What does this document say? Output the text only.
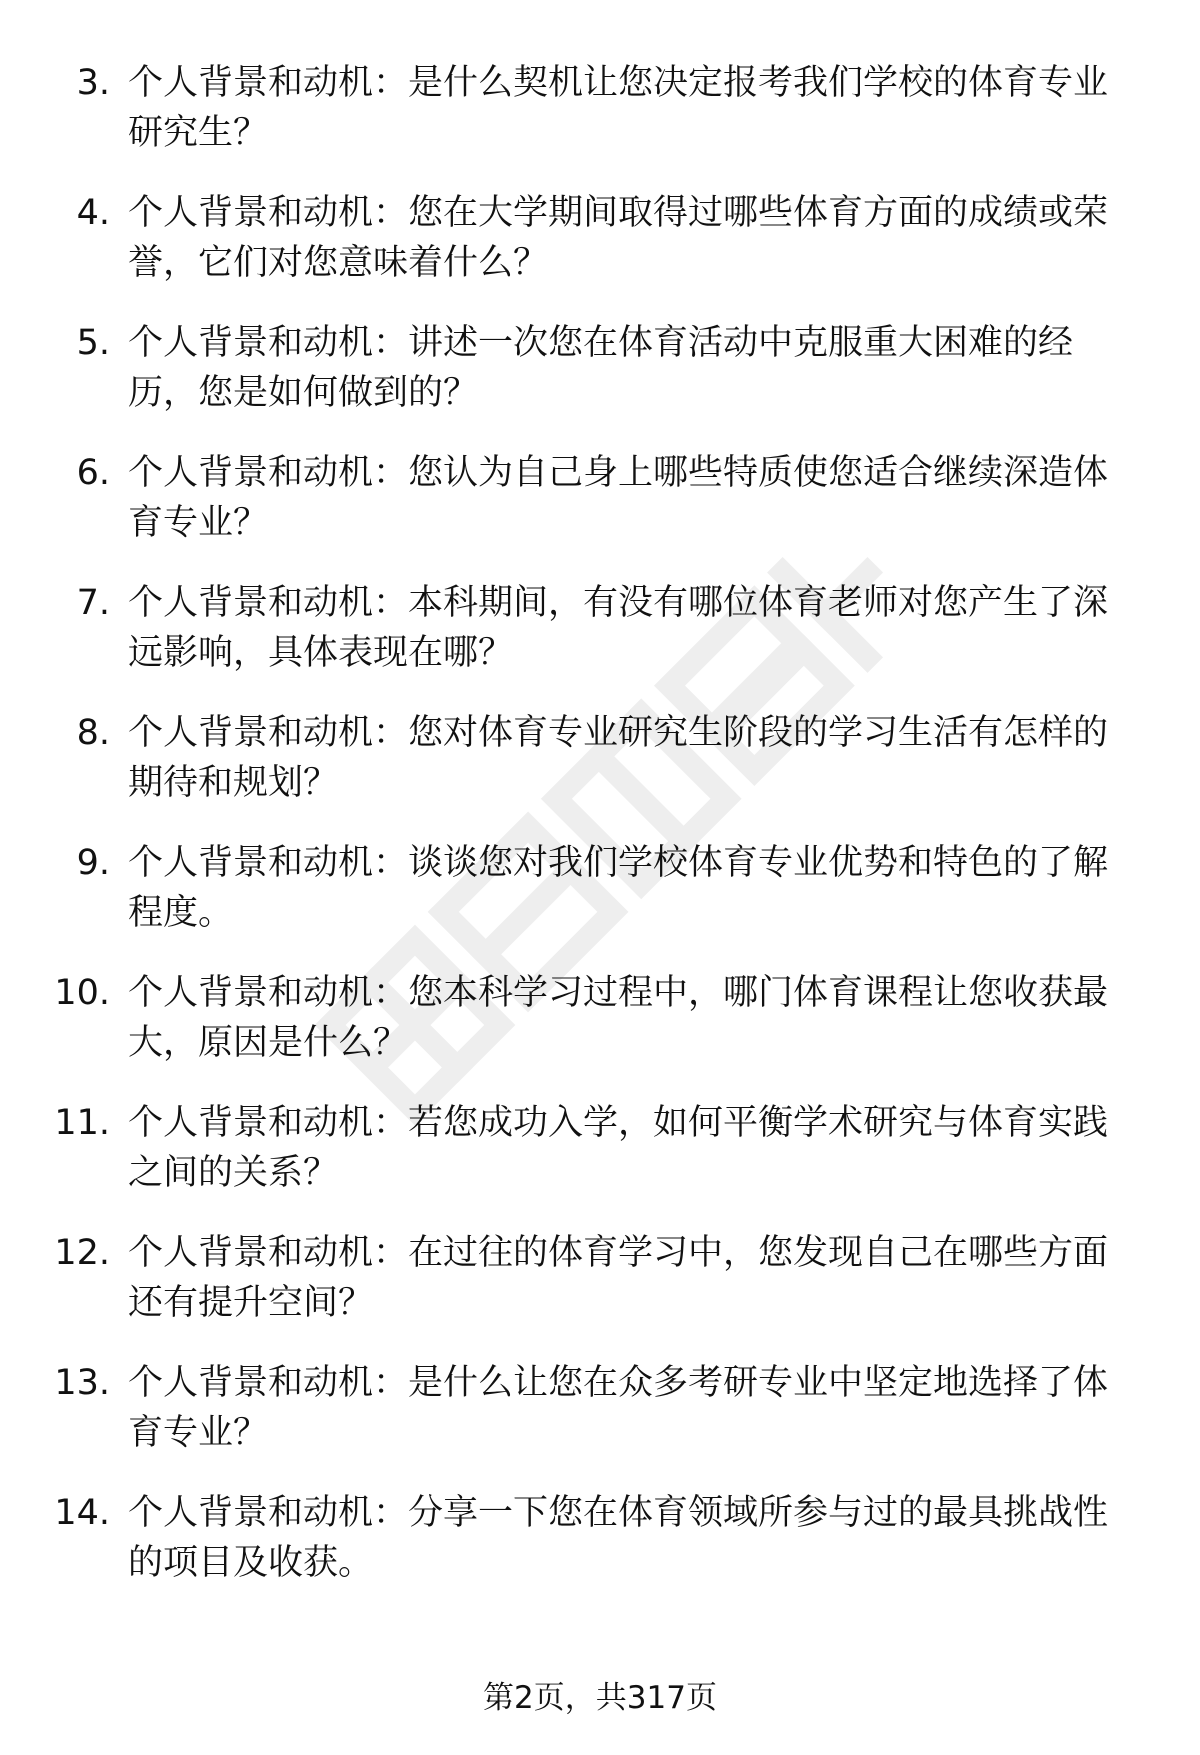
3. 个人背景和动机：是什么契机让您决定报考我们学校的体育专业
研究生？
4. 个人背景和动机：您在大学期间取得过哪些体育方面的成绩或荣
誉，它们对您意味着什么？
5. 个人背景和动机：讲述一次您在体育活动中克服重大困难的经
历，您是如何做到的？
6. 个人背景和动机：您认为自己身上哪些特质使您适合继续深造体
育专业？
7. 个人背景和动机：本科期间，有没有哪位体育老师对您产生了深
远影响，具体表现在哪？
8. 个人背景和动机：您对体育专业研究生阶段的学习生活有怎样的
期待和规划？
9. 个人背景和动机：谈谈您对我们学校体育专业优势和特色的了解
程度。
10. 个人背景和动机：您本科学习过程中，哪门体育课程让您收获最
大，原因是什么？
11. 个人背景和动机：若您成功入学，如何平衡学术研究与体育实践
之间的关系？
12. 个人背景和动机：在过往的体育学习中，您发现自己在哪些方面
还有提升空间？
13. 个人背景和动机：是什么让您在众多考研专业中坚定地选择了体
育专业？
14. 个人背景和动机：分享一下您在体育领域所参与过的最具挑战性
的项目及收获。
第2页，共317页
